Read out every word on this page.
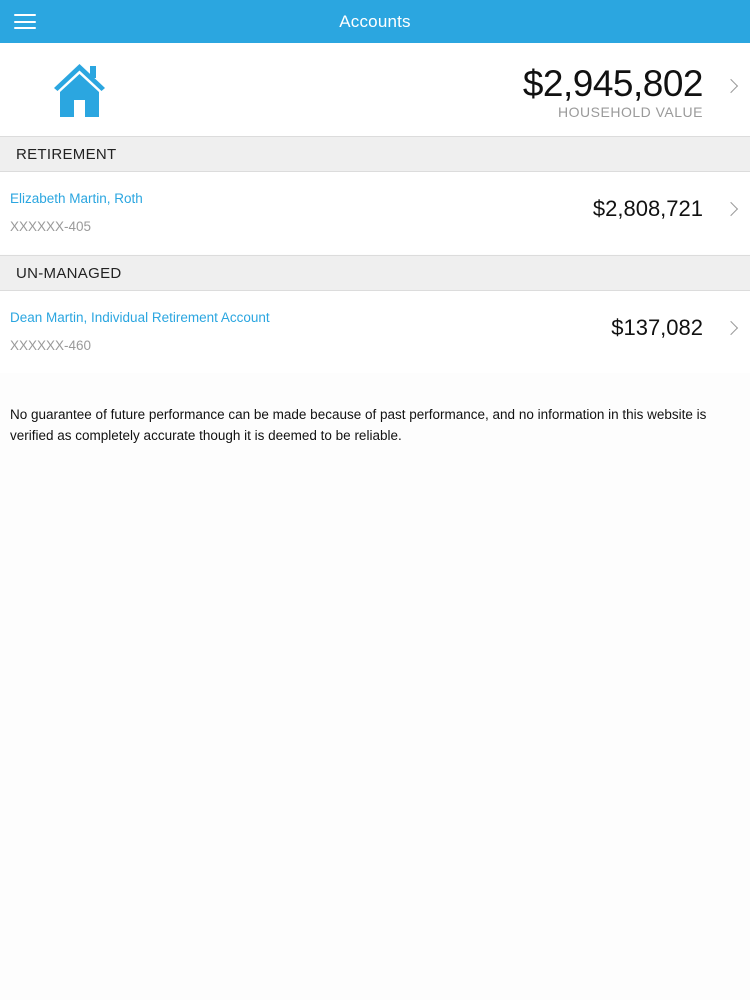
Accounts
$2,945,802
HOUSEHOLD VALUE
RETIREMENT
Elizabeth Martin, Roth
XXXXXX-405
$2,808,721
UN-MANAGED
Dean Martin, Individual Retirement Account
XXXXXX-460
$137,082
No guarantee of future performance can be made because of past performance, and no information in this website is verified as completely accurate though it is deemed to be reliable.
